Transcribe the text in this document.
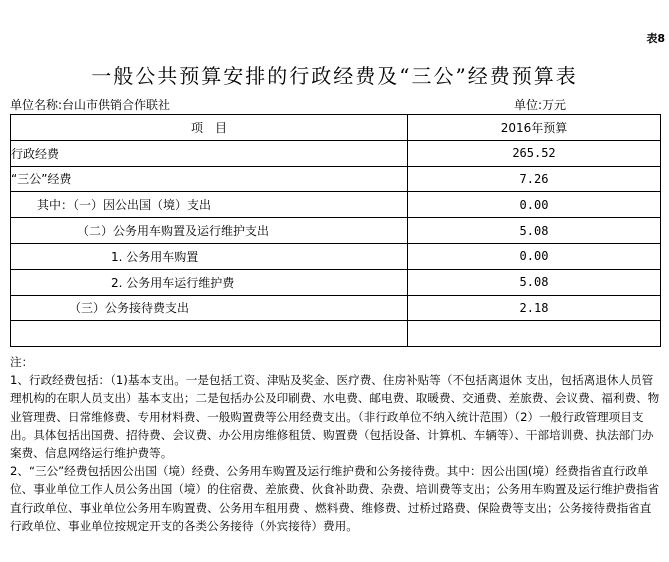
表8
一般公共预算安排的行政经费及“三公”经费预算表
单位名称:台山市供销合作联社	单位:万元
项　目	2016年预算
行政经费	265.52
“三公”经费	7.26
其中：（一）因公出国（境）支出	0.00
（二）公务用车购置及运行维护支出	5.08
1. 公务用车购置	0.00
2. 公务用车运行维护费	5.08
（三）公务接待费支出	2.18

注：

1、行政经费包括：（1)基本支出。一是包括工资、津贴及奖金、医疗费、住房补贴等（不包括离退休 支出，包括离退休人员管理机构的在职人员支出）基本支出；二是包括办公及印刷费、水电费、邮电费、取暖费、交通费、差旅费、会议费、福利费、物业管理费、日常维修费、专用材料费、一般购置费等公用经费支出。（非行政单位不纳入统计范围）（2）一般行政管理项目支出。具体包括出国费、招待费、会议费、办公用房维修租赁、购置费（包括设备、计算机、车辆等）、干部培训费、执法部门办案费、信息网络运行维护费等。

2、“三公”经费包括因公出国（境）经费、公务用车购置及运行维护费和公务接待费。其中：因公出国(境）经费指省直行政单位、事业单位工作人员公务出国（境）的住宿费、差旅费、伙食补助费、杂费、培训费等支出；公务用车购置及运行维护费指省直行政单位、事业单位公务用车购置费、公务用车租用费 、燃料费、维修费、过桥过路费、保险费等支出；公务接待费指省直行政单位、事业单位按规定开支的各类公务接待（外宾接待）费用。
